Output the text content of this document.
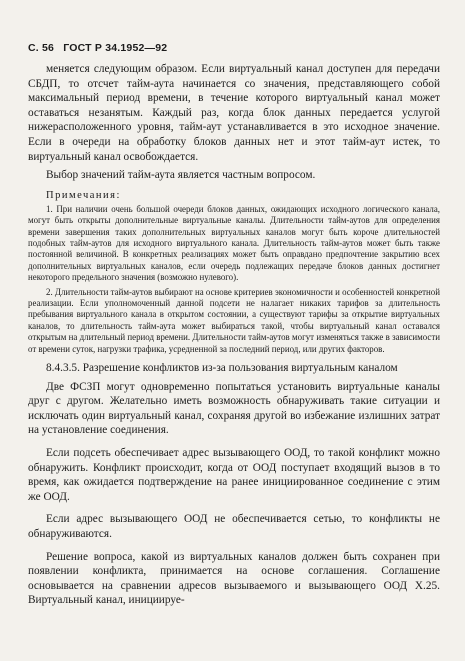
С. 56 ГОСТ Р 34.1952—92

меняется следующим образом. Если виртуальный канал доступен для передачи СБДП, то отсчет тайм-аута начинается со значения, представляющего собой максимальный период времени, в течение которого виртуальный канал может оставаться незанятым. Каждый раз, когда блок данных передается услугой нижерасположенного уровня, тайм-аут устанавливается в это исходное значение. Если в очереди на обработку блоков данных нет и этот тайм-аут истек, то виртуальный канал освобождается.

Выбор значений тайм-аута является частным вопросом.

Примечания:

1. При наличии очень большой очереди блоков данных, ожидающих исходного логического канала, могут быть открыты дополнительные виртуальные каналы. Длительности тайм-аутов для определения времени завершения таких дополнительных виртуальных каналов могут быть короче длительностей подобных тайм-аутов для исходного виртуального канала. Длительность тайм-аутов может быть также постоянной величиной. В конкретных реализациях может быть оправдано предпочтение закрытию всех дополнительных виртуальных каналов, если очередь подлежащих передаче блоков данных достигнет некоторого предельного значения (возможно нулевого).

2. Длительности тайм-аутов выбирают на основе критериев экономичности и особенностей конкретной реализации. Если уполномоченный данной подсети не налагает никаких тарифов за длительность пребывания виртуального канала в открытом состоянии, а существуют тарифы за открытие виртуальных каналов, то длительность тайм-аута может выбираться такой, чтобы виртуальный канал оставался открытым на длительный период времени. Длительности тайм-аутов могут изменяться также в зависимости от времени суток, нагрузки трафика, усредненной за последний период, или других факторов.

8.4.3.5. Разрешение конфликтов из-за пользования виртуальным каналом

Две ФСЗП могут одновременно попытаться установить виртуальные каналы друг с другом. Желательно иметь возможность обнаруживать такие ситуации и исключать один виртуальный канал, сохраняя другой во избежание излишних затрат на установление соединения.

Если подсеть обеспечивает адрес вызывающего ООД, то такой конфликт можно обнаружить. Конфликт происходит, когда от ООД поступает входящий вызов в то время, как ожидается подтверждение на ранее инициированное соединение с этим же ООД.

Если адрес вызывающего ООД не обеспечивается сетью, то конфликты не обнаруживаются.

Решение вопроса, какой из виртуальных каналов должен быть сохранен при появлении конфликта, принимается на основе соглашения. Соглашение основывается на сравнении адресов вызываемого и вызывающего ООД Х.25. Виртуальный канал, инициируе-
